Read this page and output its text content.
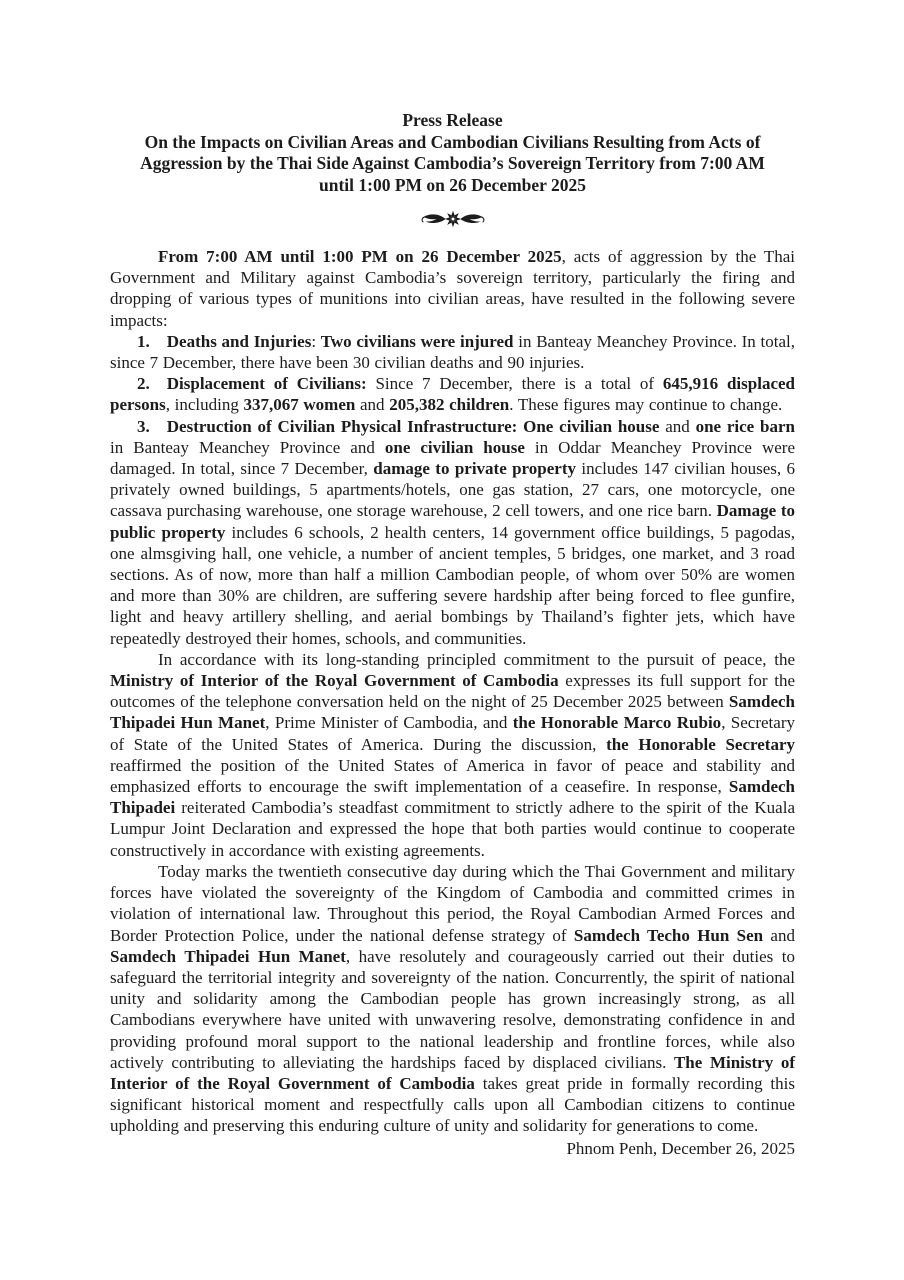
Press Release
On the Impacts on Civilian Areas and Cambodian Civilians Resulting from Acts of
Aggression by the Thai Side Against Cambodia’s Sovereign Territory from 7:00 AM
until 1:00 PM on 26 December 2025

From 7:00 AM until 1:00 PM on 26 December 2025, acts of aggression by the Thai Government and Military against Cambodia’s sovereign territory, particularly the firing and dropping of various types of munitions into civilian areas, have resulted in the following severe impacts:

1. Deaths and Injuries: Two civilians were injured in Banteay Meanchey Province. In total, since 7 December, there have been 30 civilian deaths and 90 injuries.

2. Displacement of Civilians: Since 7 December, there is a total of 645,916 displaced persons, including 337,067 women and 205,382 children. These figures may continue to change.

3. Destruction of Civilian Physical Infrastructure: One civilian house and one rice barn in Banteay Meanchey Province and one civilian house in Oddar Meanchey Province were damaged. In total, since 7 December, damage to private property includes 147 civilian houses, 6 privately owned buildings, 5 apartments/hotels, one gas station, 27 cars, one motorcycle, one cassava purchasing warehouse, one storage warehouse, 2 cell towers, and one rice barn. Damage to public property includes 6 schools, 2 health centers, 14 government office buildings, 5 pagodas, one almsgiving hall, one vehicle, a number of ancient temples, 5 bridges, one market, and 3 road sections. As of now, more than half a million Cambodian people, of whom over 50% are women and more than 30% are children, are suffering severe hardship after being forced to flee gunfire, light and heavy artillery shelling, and aerial bombings by Thailand’s fighter jets, which have repeatedly destroyed their homes, schools, and communities.

In accordance with its long-standing principled commitment to the pursuit of peace, the Ministry of Interior of the Royal Government of Cambodia expresses its full support for the outcomes of the telephone conversation held on the night of 25 December 2025 between Samdech Thipadei Hun Manet, Prime Minister of Cambodia, and the Honorable Marco Rubio, Secretary of State of the United States of America. During the discussion, the Honorable Secretary reaffirmed the position of the United States of America in favor of peace and stability and emphasized efforts to encourage the swift implementation of a ceasefire. In response, Samdech Thipadei reiterated Cambodia’s steadfast commitment to strictly adhere to the spirit of the Kuala Lumpur Joint Declaration and expressed the hope that both parties would continue to cooperate constructively in accordance with existing agreements.

Today marks the twentieth consecutive day during which the Thai Government and military forces have violated the sovereignty of the Kingdom of Cambodia and committed crimes in violation of international law. Throughout this period, the Royal Cambodian Armed Forces and Border Protection Police, under the national defense strategy of Samdech Techo Hun Sen and Samdech Thipadei Hun Manet, have resolutely and courageously carried out their duties to safeguard the territorial integrity and sovereignty of the nation. Concurrently, the spirit of national unity and solidarity among the Cambodian people has grown increasingly strong, as all Cambodians everywhere have united with unwavering resolve, demonstrating confidence in and providing profound moral support to the national leadership and frontline forces, while also actively contributing to alleviating the hardships faced by displaced civilians. The Ministry of Interior of the Royal Government of Cambodia takes great pride in formally recording this significant historical moment and respectfully calls upon all Cambodian citizens to continue upholding and preserving this enduring culture of unity and solidarity for generations to come.

Phnom Penh, December 26, 2025
